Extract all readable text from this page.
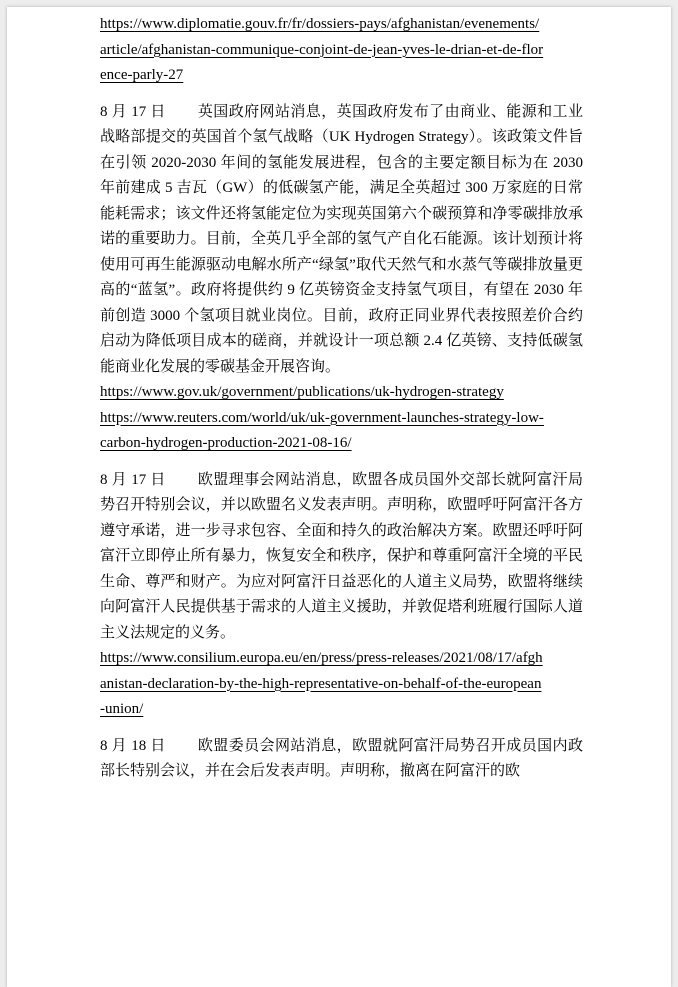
https://www.diplomatie.gouv.fr/fr/dossiers-pays/afghanistan/evenements/
article/afghanistan-communique-conjoint-de-jean-yves-le-drian-et-de-flor
ence-parly-27

8 月 17 日 英国政府网站消息，英国政府发布了由商业、能源和工业战略部提交的英国首个氢气战略（UK Hydrogen Strategy）。该政策文件旨在引领 2020-2030 年间的氢能发展进程，包含的主要定额目标为在 2030 年前建成 5 吉瓦（GW）的低碳氢产能，满足全英超过 300 万家庭的日常能耗需求；该文件还将氢能定位为实现英国第六个碳预算和净零碳排放承诺的重要助力。目前，全英几乎全部的氢气产自化石能源。该计划预计将使用可再生能源驱动电解水所产“绿氢”取代天然气和水蒸气等碳排放量更高的“蓝氢”。政府将提供约 9 亿英镑资金支持氢气项目，有望在 2030 年前创造 3000 个氢项目就业岗位。目前，政府正同业界代表按照差价合约启动为降低项目成本的磋商，并就设计一项总额 2.4 亿英镑、支持低碳氢能商业化发展的零碳基金开展咨询。

https://www.gov.uk/government/publications/uk-hydrogen-strategy
https://www.reuters.com/world/uk/uk-government-launches-strategy-low-
carbon-hydrogen-production-2021-08-16/

8 月 17 日 欧盟理事会网站消息，欧盟各成员国外交部长就阿富汗局势召开特别会议，并以欧盟名义发表声明。声明称，欧盟呼吁阿富汗各方遵守承诺，进一步寻求包容、全面和持久的政治解决方案。欧盟还呼吁阿富汗立即停止所有暴力，恢复安全和秩序，保护和尊重阿富汗全境的平民生命、尊严和财产。为应对阿富汗日益恶化的人道主义局势，欧盟将继续向阿富汗人民提供基于需求的人道主义援助，并敦促塔利班履行国际人道主义法规定的义务。

https://www.consilium.europa.eu/en/press/press-releases/2021/08/17/afgh
anistan-declaration-by-the-high-representative-on-behalf-of-the-european
-union/

8 月 18 日 欧盟委员会网站消息，欧盟就阿富汗局势召开成员国内政部长特别会议，并在会后发表声明。声明称，撤离在阿富汗的欧
